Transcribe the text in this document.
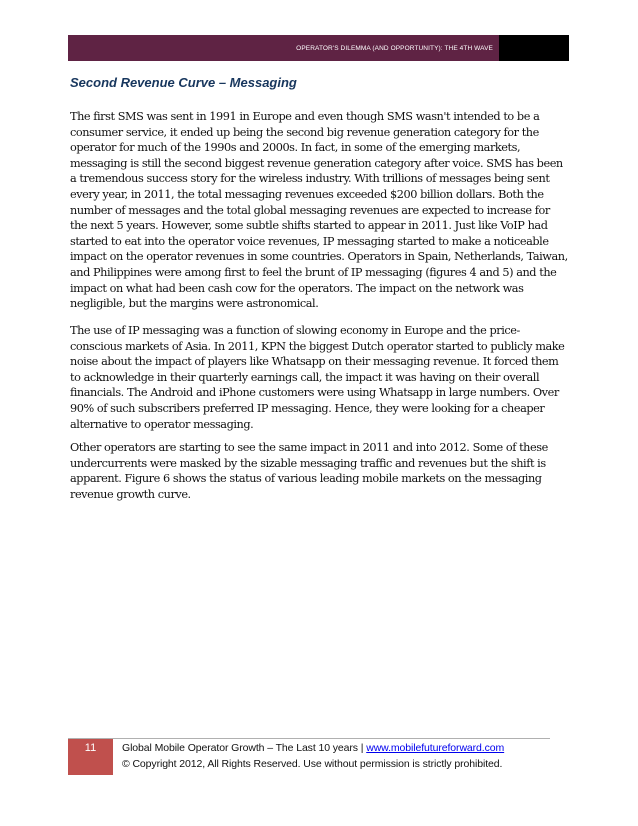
OPERATOR'S DILEMMA (AND OPPORTUNITY): THE 4TH WAVE
Second Revenue Curve – Messaging

The first SMS was sent in 1991 in Europe and even though SMS wasn't intended to be a consumer service, it ended up being the second big revenue generation category for the operator for much of the 1990s and 2000s. In fact, in some of the emerging markets, messaging is still the second biggest revenue generation category after voice. SMS has been a tremendous success story for the wireless industry. With trillions of messages being sent every year, in 2011, the total messaging revenues exceeded $200 billion dollars. Both the number of messages and the total global messaging revenues are expected to increase for the next 5 years. However, some subtle shifts started to appear in 2011. Just like VoIP had started to eat into the operator voice revenues, IP messaging started to make a noticeable impact on the operator revenues in some countries. Operators in Spain, Netherlands, Taiwan, and Philippines were among first to feel the brunt of IP messaging (figures 4 and 5) and the impact on what had been cash cow for the operators. The impact on the network was negligible, but the margins were astronomical.

The use of IP messaging was a function of slowing economy in Europe and the price-conscious markets of Asia. In 2011, KPN the biggest Dutch operator started to publicly make noise about the impact of players like Whatsapp on their messaging revenue. It forced them to acknowledge in their quarterly earnings call, the impact it was having on their overall financials. The Android and iPhone customers were using Whatsapp in large numbers. Over 90% of such subscribers preferred IP messaging. Hence, they were looking for a cheaper alternative to operator messaging.

Other operators are starting to see the same impact in 2011 and into 2012. Some of these undercurrents were masked by the sizable messaging traffic and revenues but the shift is apparent. Figure 6 shows the status of various leading mobile markets on the messaging revenue growth curve.

11	Global Mobile Operator Growth – The Last 10 years | www.mobilefutureforward.com
© Copyright 2012, All Rights Reserved. Use without permission is strictly prohibited.
